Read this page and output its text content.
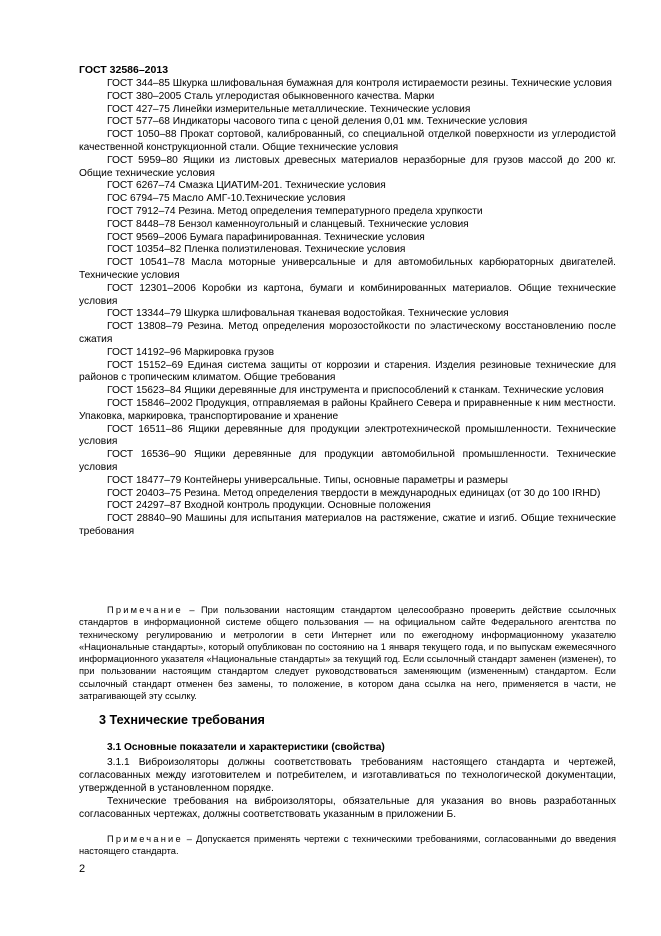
ГОСТ 32586–2013

ГОСТ 344–85 Шкурка шлифовальная бумажная для контроля истираемости резины. Технические условия
ГОСТ 380–2005 Сталь углеродистая обыкновенного качества. Марки
ГОСТ 427–75 Линейки измерительные металлические. Технические условия
ГОСТ 577–68 Индикаторы часового типа с ценой деления 0,01 мм. Технические условия
ГОСТ 1050–88 Прокат сортовой, калиброванный, со специальной отделкой поверхности из углеродистой качественной конструкционной стали. Общие технические условия
ГОСТ 5959–80 Ящики из листовых древесных материалов неразборные для грузов массой до 200 кг. Общие технические условия
ГОСТ 6267–74 Смазка ЦИАТИМ-201. Технические условия
ГОС 6794–75 Масло АМГ-10.Технические условия
ГОСТ 7912–74 Резина. Метод определения температурного предела хрупкости
ГОСТ 8448–78 Бензол каменноугольный и сланцевый. Технические условия
ГОСТ 9569–2006 Бумага парафинированная. Технические условия
ГОСТ 10354–82 Пленка полиэтиленовая. Технические условия
ГОСТ 10541–78 Масла моторные универсальные и для автомобильных карбюраторных двигателей. Технические условия
ГОСТ 12301–2006 Коробки из картона, бумаги и комбинированных материалов. Общие технические условия
ГОСТ 13344–79 Шкурка шлифовальная тканевая водостойкая. Технические условия
ГОСТ 13808–79 Резина. Метод определения морозостойкости по эластическому восстановлению после сжатия
ГОСТ 14192–96 Маркировка грузов
ГОСТ 15152–69 Единая система защиты от коррозии и старения. Изделия резиновые технические для районов с тропическим климатом. Общие требования
ГОСТ 15623–84 Ящики деревянные для инструмента и приспособлений к станкам. Технические условия
ГОСТ 15846–2002 Продукция, отправляемая в районы Крайнего Севера и приравненные к ним местности. Упаковка, маркировка, транспортирование и хранение
ГОСТ 16511–86 Ящики деревянные для продукции электротехнической промышленности. Технические условия
ГОСТ 16536–90 Ящики деревянные для продукции автомобильной промышленности. Технические условия
ГОСТ 18477–79 Контейнеры универсальные. Типы, основные параметры и размеры
ГОСТ 20403–75 Резина. Метод определения твердости в международных единицах (от 30 до 100 IRHD)
ГОСТ 24297–87 Входной контроль продукции. Основные положения
ГОСТ 28840–90 Машины для испытания материалов на растяжение, сжатие и изгиб. Общие технические требования

Примечание – При пользовании настоящим стандартом целесообразно проверить действие ссылочных стандартов в информационной системе общего пользования — на официальном сайте Федерального агентства по техническому регулированию и метрологии в сети Интернет или по ежегодному информационному указателю «Национальные стандарты», который опубликован по состоянию на 1 января текущего года, и по выпускам ежемесячного информационного указателя «Национальные стандарты» за текущий год. Если ссылочный стандарт заменен (изменен), то при пользовании настоящим стандартом следует руководствоваться заменяющим (измененным) стандартом. Если ссылочный стандарт отменен без замены, то положение, в котором дана ссылка на него, применяется в части, не затрагивающей эту ссылку.

3 Технические требования
3.1 Основные показатели и характеристики (свойства)

3.1.1 Виброизоляторы должны соответствовать требованиям настоящего стандарта и чертежей, согласованных между изготовителем и потребителем, и изготавливаться по технологической документации, утвержденной в установленном порядке.

Технические требования на виброизоляторы, обязательные для указания во вновь разработанных согласованных чертежах, должны соответствовать указанным в приложении Б.

Примечание – Допускается применять чертежи с техническими требованиями, согласованными до введения настоящего стандарта.

2
